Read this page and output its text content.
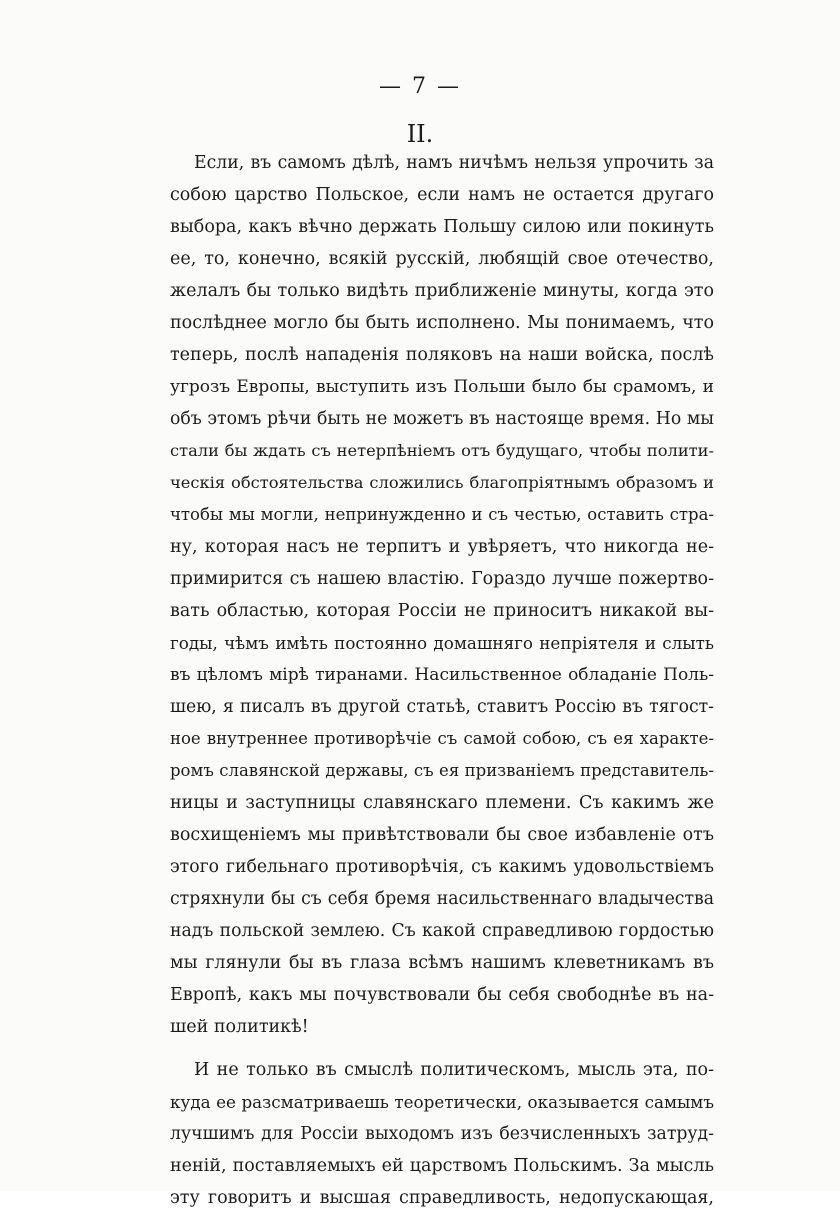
— 7 —
II.
Если, въ самомъ дѣлѣ, намъ ничѣмъ нельзя упрочить за
собою царство Польское, если намъ не остается другаго
выбора, какъ вѣчно держать Польшу силою или покинуть
ее, то, конечно, всякій русскій, любящій свое отечество,
желалъ бы только видѣть приближеніе минуты, когда это
послѣднее могло бы быть исполнено. Мы понимаемъ, что
теперь, послѣ нападенія поляковъ на наши войска, послѣ
угрозъ Европы, выступить изъ Польши было бы срамомъ, и
объ этомъ рѣчи быть не можетъ въ настояще время. Но мы
стали бы ждать съ нетерпѣніемъ отъ будущаго, чтобы полити-
ческія обстоятельства сложились благопріятнымъ образомъ и
чтобы мы могли, непринужденно и съ честью, оставить стра-
ну, которая насъ не терпитъ и увѣряетъ, что никогда не-
примирится съ нашею властію. Гораздо лучше пожертво-
вать областью, которая Россіи не приноситъ никакой вы-
годы, чѣмъ имѣть постоянно домашняго непріятеля и слыть
въ цѣломъ мірѣ тиранами. Насильственное обладаніе Поль-
шею, я писалъ въ другой статьѣ, ставитъ Россію въ тягост-
ное внутреннее противорѣчіе съ самой собою, съ ея характе-
ромъ славянской державы, съ ея призваніемъ представитель-
ницы и заступницы славянскаго племени. Съ какимъ же
восхищеніемъ мы привѣтствовали бы свое избавленіе отъ
этого гибельнаго противорѣчія, съ какимъ удовольствіемъ
стряхнули бы съ себя бремя насильственнаго владычества
надъ польской землею. Съ какой справедливою гордостью
мы глянули бы въ глаза всѣмъ нашимъ клеветникамъ въ
Европѣ, какъ мы почувствовали бы себя свободнѣе въ на-
шей политикѣ!
И не только въ смыслѣ политическомъ, мысль эта, по-
куда ее разсматриваешь теоретически, оказывается самымъ
лучшимъ для Россіи выходомъ изъ безчисленныхъ затруд-
неній, поставляемыхъ ей царствомъ Польскимъ. За мысль
эту говоритъ и высшая справедливость, недопускающая,
